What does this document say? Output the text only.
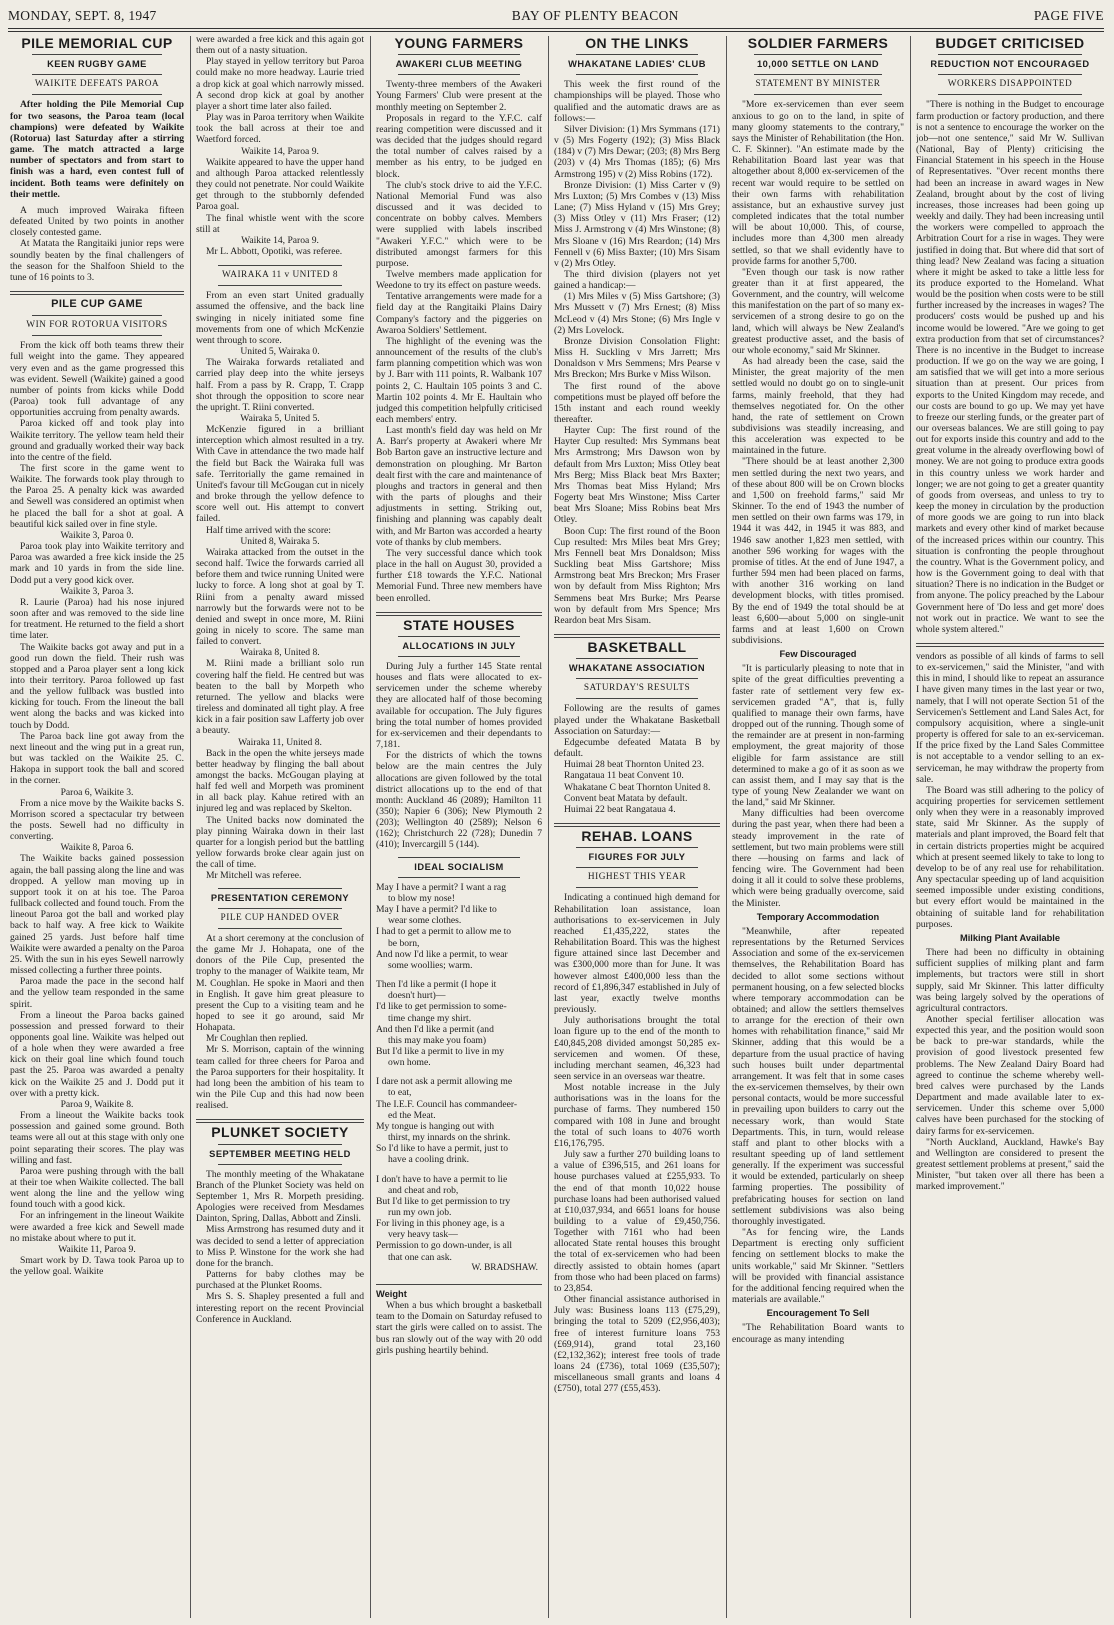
MONDAY, SEPT. 8, 1947	BAY OF PLENTY BEACON	PAGE FIVE
PILE MEMORIAL CUP
KEEN RUGBY GAME
WAIKITE DEFEATS PAROA

After holding the Pile Memorial Cup for two seasons, the Paroa team (local champions) were defeated by Waikite (Rotorua) last Saturday after a stirring game. The match attracted a large number of spectators and from start to finish was a hard, even contest full of incident. Both teams were definitely on their mettle.

A much improved Wairaka fifteen defeated United by two points in another closely contested game.

At Matata the Rangitaiki junior reps were soundly beaten by the final challengers of the season for the Shalfoon Shield to the tune of 16 points to 3.

PILE CUP GAME
WIN FOR ROTORUA VISITORS

From the kick off both teams threw their full weight into the game. They appeared very even and as the game progressed this was evident. Sewell (Waikite) gained a good number of points from kicks while Dodd (Paroa) took full advantage of any opportunities accruing from penalty awards.

Paroa kicked off and took play into Waikite territory. The yellow team held their ground and gradually worked their way back into the centre of the field.

The first score in the game went to Waikite. The forwards took play through to the Paroa 25. A penalty kick was awarded and Sewell was considered an optimist when he placed the ball for a shot at goal. A beautiful kick sailed over in fine style.

Waikite 3, Paroa 0.

Paroa took play into Waikite territory and Paroa was awarded a free kick inside the 25 mark and 10 yards in from the side line. Dodd put a very good kick over.

Waikite 3, Paroa 3.

R. Laurie (Paroa) had his nose injured soon after and was removed to the side line for treatment. He returned to the field a short time later.

The Waikite backs got away and put in a good run down the field. Their rush was stopped and a Paroa player sent a long kick into their territory. Paroa followed up fast and the yellow fullback was bustled into kicking for touch. From the lineout the ball went along the backs and was kicked into touch by Dodd.

The Paroa back line got away from the next lineout and the wing put in a great run, but was tackled on the Waikite 25. C. Hakopa in support took the ball and scored in the corner.

Paroa 6, Waikite 3.

From a nice move by the Waikite backs S. Morrison scored a spectacular try between the posts. Sewell had no difficulty in converting.

Waikite 8, Paroa 6.

The Waikite backs gained possession again, the ball passing along the line and was dropped. A yellow man moving up in support took it on at his toe. The Paroa fullback collected and found touch. From the lineout Paroa got the ball and worked play back to half way. A free kick to Waikite gained 25 yards. Just before half time Waikite were awarded a penalty on the Paroa 25. With the sun in his eyes Sewell narrowly missed collecting a further three points.

Paroa made the pace in the second half and the yellow team responded in the same spirit.

From a lineout the Paroa backs gained possession and pressed forward to their opponents goal line. Waikite was helped out of a hole when they were awarded a free kick on their goal line which found touch past the 25. Paroa was awarded a penalty kick on the Waikite 25 and J. Dodd put it over with a pretty kick.

Paroa 9, Waikite 8.

From a lineout the Waikite backs took possession and gained some ground. Both teams were all out at this stage with only one point separating their scores. The play was willing and fast.

Paroa were pushing through with the ball at their toe when Waikite collected. The ball went along the line and the yellow wing found touch with a good kick.

For an infringement in the lineout Waikite were awarded a free kick and Sewell made no mistake about where to put it.

Waikite 11, Paroa 9.

Smart work by D. Tawa took Paroa up to the yellow goal. Waikite

were awarded a free kick and this again got them out of a nasty situation.

Play stayed in yellow territory but Paroa could make no more headway. Laurie tried a drop kick at goal which narrowly missed. A second drop kick at goal by another player a short time later also failed.

Play was in Paroa territory when Waikite took the ball across at their toe and Waetford forced.

Waikite 14, Paroa 9.

Waikite appeared to have the upper hand and although Paroa attacked relentlessly they could not penetrate. Nor could Waikite get through to the stubbornly defended Paroa goal.

The final whistle went with the score still at

Waikite 14, Paroa 9.

Mr L. Abbott, Opotiki, was referee.

WAIRAKA 11 v UNITED 8

From an even start United gradually assumed the offensive, and the back line swinging in nicely initiated some fine movements from one of which McKenzie went through to score.

United 5, Wairaka 0.

The Wairaka forwards retaliated and carried play deep into the white jerseys half. From a pass by R. Crapp, T. Crapp shot through the opposition to score near the upright. T. Riini converted.

Wairaka 5, United 5.

McKenzie figured in a brilliant interception which almost resulted in a try. With Cave in attendance the two made half the field but Back the Wairaka full was safe. Territorially the game remained in United's favour till McGougan cut in nicely and broke through the yellow defence to score well out. His attempt to convert failed.

Half time arrived with the score:

United 8, Wairaka 5.

Wairaka attacked from the outset in the second half. Twice the forwards carried all before them and twice running United were lucky to force. A long shot at goal by T. Riini from a penalty award missed narrowly but the forwards were not to be denied and swept in once more, M. Riini going in nicely to score. The same man failed to convert.

Wairaka 8, United 8.

M. Riini made a brilliant solo run covering half the field. He centred but was beaten to the ball by Morpeth who returned. The yellow and blacks were tireless and dominated all tight play. A free kick in a fair position saw Lafferty job over a beauty.

Wairaka 11, United 8.

Back in the open the white jerseys made better headway by flinging the ball about amongst the backs. McGougan playing at half fed well and Morpeth was prominent in all back play. Kahue retired with an injured leg and was replaced by Skelton.

The United backs now dominated the play pinning Wairaka down in their last quarter for a longish period but the battling yellow forwards broke clear again just on the call of time.

Mr Mitchell was referee.

PRESENTATION CEREMONY
PILE CUP HANDED OVER

At a short ceremony at the conclusion of the game Mr J. Hohapata, one of the donors of the Pile Cup, presented the trophy to the manager of Waikite team, Mr M. Coughlan. He spoke in Maori and then in English. It gave him great pleasure to present the Cup to a visiting team and he hoped to see it go around, said Mr Hohapata.

Mr Coughlan then replied.

Mr S. Morrison, captain of the winning team called for three cheers for Paroa and the Paroa supporters for their hospitality. It had long been the ambition of his team to win the Pile Cup and this had now been realised.

PLUNKET SOCIETY
SEPTEMBER MEETING HELD

The monthly meeting of the Whakatane Branch of the Plunket Society was held on September 1, Mrs R. Morpeth presiding. Apologies were received from Mesdames Dainton, Spring, Dallas, Abbott and Zinsli.

Miss Armstrong has resumed duty and it was decided to send a letter of appreciation to Miss P. Winstone for the work she had done for the branch.

Patterns for baby clothes may be purchased at the Plunket Rooms.

Mrs S. S. Shapley presented a full and interesting report on the recent Provincial Conference in Auckland.

YOUNG FARMERS
AWAKERI CLUB MEETING

Twenty-three members of the Awakeri Young Farmers' Club were present at the monthly meeting on September 2.

Proposals in regard to the Y.F.C. calf rearing competition were discussed and it was decided that the judges should regard the total number of calves raised by a member as his entry, to be judged en block.

The club's stock drive to aid the Y.F.C. National Memorial Fund was also discussed and it was decided to concentrate on bobby calves. Members were supplied with labels inscribed "Awakeri Y.F.C." which were to be distributed amongst farmers for this purpose.

Twelve members made application for Weedone to try its effect on pasture weeds.

Tentative arrangements were made for a field day at the Rangitaiki Plains Dairy Company's factory and the piggeries on Awaroa Soldiers' Settlement.

The highlight of the evening was the announcement of the results of the club's farm planning competition which was won by J. Barr with 111 points, R. Walbank 107 points 2, C. Haultain 105 points 3 and C. Martin 102 points 4. Mr E. Haultain who judged this competition helpfully criticised each members' entry.

Last month's field day was held on Mr A. Barr's property at Awakeri where Mr Bob Barton gave an instructive lecture and demonstration on ploughing. Mr Barton dealt first with the care and maintenance of ploughs and tractors in general and then with the parts of ploughs and their adjustments in setting. Striking out, finishing and planning was capably dealt with, and Mr Barton was accorded a hearty vote of thanks by club members.

The very successful dance which took place in the hall on August 30, provided a further £18 towards the Y.F.C. National Memorial Fund. Three new members have been enrolled.

STATE HOUSES
ALLOCATIONS IN JULY

During July a further 145 State rental houses and flats were allocated to ex-servicemen under the scheme whereby they are allocated half of those becoming available for occupation. The July figures bring the total number of homes provided for ex-servicemen and their dependants to 7,181.

For the districts of which the towns below are the main centres the July allocations are given followed by the total district allocations up to the end of that month: Auckland 46 (2089); Hamilton 11 (350); Napier 6 (306); New Plymouth 2 (203); Wellington 40 (2589); Nelson 6 (162); Christchurch 22 (728); Dunedin 7 (410); Invercargill 5 (144).

IDEAL SOCIALISM

May I have a permit? I want a rag

to blow my nose!

May I have a permit? I'd like to

wear some clothes.

I had to get a permit to allow me to

be born,

And now I'd like a permit, to wear

some woollies; warm.

Then I'd like a permit (I hope it

doesn't hurt)—

I'd like to get permission to some-

time change my shirt.

And then I'd like a permit (and

this may make you foam)

But I'd like a permit to live in my

own home.

I dare not ask a permit allowing me

to eat,

The I.E.F. Council has commandeer-

ed the Meat.

My tongue is hanging out with

thirst, my innards on the shrink.

So I'd like to have a permit, just to

have a cooling drink.

I don't have to have a permit to lie

and cheat and rob,

But I'd like to get permission to try

run my own job.

For living in this phoney age, is a

very heavy task—

Permission to go down-under, is all

that one can ask.

W. BRADSHAW.
Weight

When a bus which brought a basketball team to the Domain on Saturday refused to start the girls were called on to assist. The bus ran slowly out of the way with 20 odd girls pushing heartily behind.

ON THE LINKS
WHAKATANE LADIES' CLUB

This week the first round of the championships will be played. Those who qualified and the automatic draws are as follows:—

Silver Division: (1) Mrs Symmans (171) v (5) Mrs Fogerty (192); (3) Miss Black (184) v (7) Mrs Dewar; (203; (8) Mrs Berg (203) v (4) Mrs Thomas (185); (6) Mrs Armstrong 195) v (2) Miss Robins (172).

Bronze Division: (1) Miss Carter v (9) Mrs Luxton; (5) Mrs Combes v (13) Miss Lane; (7) Miss Hyland v (15) Mrs Grey; (3) Miss Otley v (11) Mrs Fraser; (12) Miss J. Armstrong v (4) Mrs Winstone; (8) Mrs Sloane v (16) Mrs Reardon; (14) Mrs Fennell v (6) Miss Baxter; (10) Mrs Sisam v (2) Mrs Otley.

The third division (players not yet gained a handicap:—

(1) Mrs Miles v (5) Miss Gartshore; (3) Mrs Mussett v (7) Mrs Ernest; (8) Miss McLeod v (4) Mrs Stone; (6) Mrs Ingle v (2) Mrs Lovelock.

Bronze Division Consolation Flight: Miss H. Suckling v Mrs Jarrett; Mrs Donaldson v Mrs Semmens; Mrs Pearse v Mrs Breckon; Mrs Burke v Miss Wilson.

The first round of the above competitions must be played off before the 15th instant and each round weekly thereafter.

Hayter Cup: The first round of the Hayter Cup resulted: Mrs Symmans beat Mrs Armstrong; Mrs Dawson won by default from Mrs Luxton; Miss Otley beat Mrs Berg; Miss Black beat Mrs Baxter; Mrs Thomas beat Miss Hyland; Mrs Fogerty beat Mrs Winstone; Miss Carter beat Mrs Sloane; Miss Robins beat Mrs Otley.

Boon Cup: The first round of the Boon Cup resulted: Mrs Miles beat Mrs Grey; Mrs Fennell beat Mrs Donaldson; Miss Suckling beat Miss Gartshore; Miss Armstrong beat Mrs Breckon; Mrs Fraser won by default from Miss Righton; Mrs Semmens beat Mrs Burke; Mrs Pearse won by default from Mrs Spence; Mrs Reardon beat Mrs Sisam.

BASKETBALL
WHAKATANE ASSOCIATION
SATURDAY'S RESULTS

Following are the results of games played under the Whakatane Basketball Association on Saturday:—

Edgecumbe defeated Matata B by default.

Huimai 28 beat Thornton United 23.

Rangataua 11 beat Convent 10.

Whakatane C beat Thornton United 8.

Convent beat Matata by default.

Huimai 22 beat Rangataua 4.

REHAB. LOANS
FIGURES FOR JULY
HIGHEST THIS YEAR

Indicating a continued high demand for Rehabilitation loan assistance, loan authorisations to ex-servicemen in July reached £1,435,222, states the Rehabilitation Board. This was the highest figure attained since last December and was £300,000 more than for June. It was however almost £400,000 less than the record of £1,896,347 established in July of last year, exactly twelve months previously.

July authorisations brought the total loan figure up to the end of the month to £40,845,208 divided amongst 50,285 ex-servicemen and women. Of these, including merchant seamen, 46,323 had seen service in an overseas war theatre.

Most notable increase in the July authorisations was in the loans for the purchase of farms. They numbered 150 compared with 108 in June and brought the total of such loans to 4076 worth £16,176,795.

July saw a further 270 building loans to a value of £396,515, and 261 loans for house purchases valued at £255,933. To the end of that month 10,022 house purchase loans had been authorised valued at £10,037,934, and 6651 loans for house building to a value of £9,450,756. Together with 7161 who had been allocated State rental houses this brought the total of ex-servicemen who had been directly assisted to obtain homes (apart from those who had been placed on farms) to 23,854.

Other financial assistance authorised in July was: Business loans 113 (£75,29), bringing the total to 5209 (£2,956,403); free of interest furniture loans 753 (£69,914), grand total 23,160 (£2,132,362); interest free tools of trade loans 24 (£736), total 1069 (£35,507); miscellaneous small grants and loans 4 (£750), total 277 (£55,453).

SOLDIER FARMERS
10,000 SETTLE ON LAND
STATEMENT BY MINISTER

"More ex-servicemen than ever seem anxious to go on to the land, in spite of many gloomy statements to the contrary," says the Minister of Rehabilitation (the Hon. C. F. Skinner). "An estimate made by the Rehabilitation Board last year was that altogether about 8,000 ex-servicemen of the recent war would require to be settled on their own farms with rehabilitation assistance, but an exhaustive survey just completed indicates that the total number will be about 10,000. This, of course, includes more than 4,300 men already settled, so that we shall evidently have to provide farms for another 5,700.

"Even though our task is now rather greater than it at first appeared, the Government, and the country, will welcome this manifestation on the part of so many ex-servicemen of a strong desire to go on the land, which will always be New Zealand's greatest productive asset, and the basis of our whole economy," said Mr Skinner.

As had already been the case, said the Minister, the great majority of the men settled would no doubt go on to single-unit farms, mainly freehold, that they had themselves negotiated for. On the other hand, the rate of settlement on Crown subdivisions was steadily increasing, and this acceleration was expected to be maintained in the future.

"There should be at least another 2,300 men settled during the next two years, and of these about 800 will be on Crown blocks and 1,500 on freehold farms," said Mr Skinner. To the end of 1943 the number of men settled on their own farms was 179, in 1944 it was 442, in 1945 it was 883, and 1946 saw another 1,823 men settled, with another 596 working for wages with the promise of titles. At the end of June 1947, a further 594 men had been placed on farms, with another 316 working on land development blocks, with titles promised. By the end of 1949 the total should be at least 6,600—about 5,000 on single-unit farms and at least 1,600 on Crown subdivisions.

Few Discouraged

"It is particularly pleasing to note that in spite of the great difficulties preventing a faster rate of settlement very few ex-servicemen graded "A", that is, fully qualified to manage their own farms, have dropped out of the running. Though some of the remainder are at present in non-farming employment, the great majority of those eligible for farm assistance are still determined to make a go of it as soon as we can assist them, and I may say that is the type of young New Zealander we want on the land," said Mr Skinner.

Many difficulties had been overcome during the past year, when there had been a steady improvement in the rate of settlement, but two main problems were still there —housing on farms and lack of fencing wire. The Government had been doing it all it could to solve these problems, which were being gradually overcome, said the Minister.

Temporary Accommodation

"Meanwhile, after repeated representations by the Returned Services Association and some of the ex-servicemen themselves, the Rehabilitation Board has decided to allot some sections without permanent housing, on a few selected blocks where temporary accommodation can be obtained; and allow the settlers themselves to arrange for the erection of their own homes with rehabilitation finance," said Mr Skinner, adding that this would be a departure from the usual practice of having such houses built under departmental arrangement. It was felt that in some cases the ex-servicemen themselves, by their own personal contacts, would be more successful in prevailing upon builders to carry out the necessary work, than would State Departments. This, in turn, would release staff and plant to other blocks with a resultant speeding up of land settlement generally. If the experiment was successful it would be extended, particularly on sheep farming properties. The possibility of prefabricating houses for section on land settlement subdivisions was also being thoroughly investigated.

"As for fencing wire, the Lands Department is erecting only sufficient fencing on settlement blocks to make the units workable," said Mr Skinner. "Settlers will be provided with financial assistance for the additional fencing required when the materials are available."

Encouragement To Sell

"The Rehabilitation Board wants to encourage as many intending

BUDGET CRITICISED
REDUCTION NOT ENCOURAGED
WORKERS DISAPPOINTED

"There is nothing in the Budget to encourage farm production or factory production, and there is not a sentence to encourage the worker on the job—not one sentence," said Mr W. Sullivan (National, Bay of Plenty) criticising the Financial Statement in his speech in the House of Representatives. "Over recent months there had been an increase in award wages in New Zealand, brought about by the cost of living increases, those increases had been going up weekly and daily. They had been increasing until the workers were compelled to approach the Arbitration Court for a rise in wages. They were justified in doing that. But where did that sort of thing lead? New Zealand was facing a situation where it might be asked to take a little less for its produce exported to the Homeland. What would be the position when costs were to be still further increased by the increases in wages? The producers' costs would be pushed up and his income would be lowered. "Are we going to get extra production from that set of circumstances? There is no incentive in the Budget to increase production. If we go on the way we are going, I am satisfied that we will get into a more serious situation than at present. Our prices from exports to the United Kingdom may recede, and our costs are bound to go up. We may yet have to freeze our sterling funds, or the greater part of our overseas balances. We are still going to pay out for exports inside this country and add to the great volume in the already overflowing bowl of money. We are not going to produce extra goods in this country unless we work harder and longer; we are not going to get a greater quantity of goods from overseas, and unless to try to keep the money in circulation by the production of more goods we are going to run into black markets and every other kind of market because of the increased prices within our country. This situation is confronting the people throughout the country. What is the Government policy, and how is the Government going to deal with that situation? There is no indication in the Budget or from anyone. The policy preached by the Labour Government here of 'Do less and get more' does not work out in practice. We want to see the whole system altered."

vendors as possible of all kinds of farms to sell to ex-servicemen," said the Minister, "and with this in mind, I should like to repeat an assurance I have given many times in the last year or two, namely, that I will not operate Section 51 of the Servicemen's Settlement and Land Sales Act, for compulsory acquisition, where a single-unit property is offered for sale to an ex-serviceman. If the price fixed by the Land Sales Committee is not acceptable to a vendor selling to an ex-serviceman, he may withdraw the property from sale.

The Board was still adhering to the policy of acquiring properties for servicemen settlement only when they were in a reasonably improved state, said Mr Skinner. As the supply of materials and plant improved, the Board felt that in certain districts properties might be acquired which at present seemed likely to take to long to develop to be of any real use for rehabilitation. Any spectacular speeding up of land acquisition seemed impossible under existing conditions, but every effort would be maintained in the obtaining of suitable land for rehabilitation purposes.

Milking Plant Available

There had been no difficulty in obtaining sufficient supplies of milking plant and farm implements, but tractors were still in short supply, said Mr Skinner. This latter difficulty was being largely solved by the operations of agricultural contractors.

Another special fertiliser allocation was expected this year, and the position would soon be back to pre-war standards, while the provision of good livestock presented few problems. The New Zealand Dairy Board had agreed to continue the scheme whereby well-bred calves were purchased by the Lands Department and made available later to ex-servicemen. Under this scheme over 5,000 calves have been purchased for the stocking of dairy farms for ex-servicemen.

"North Auckland, Auckland, Hawke's Bay and Wellington are considered to present the greatest settlement problems at present," said the Minister, "but taken over all there has been a marked improvement."
